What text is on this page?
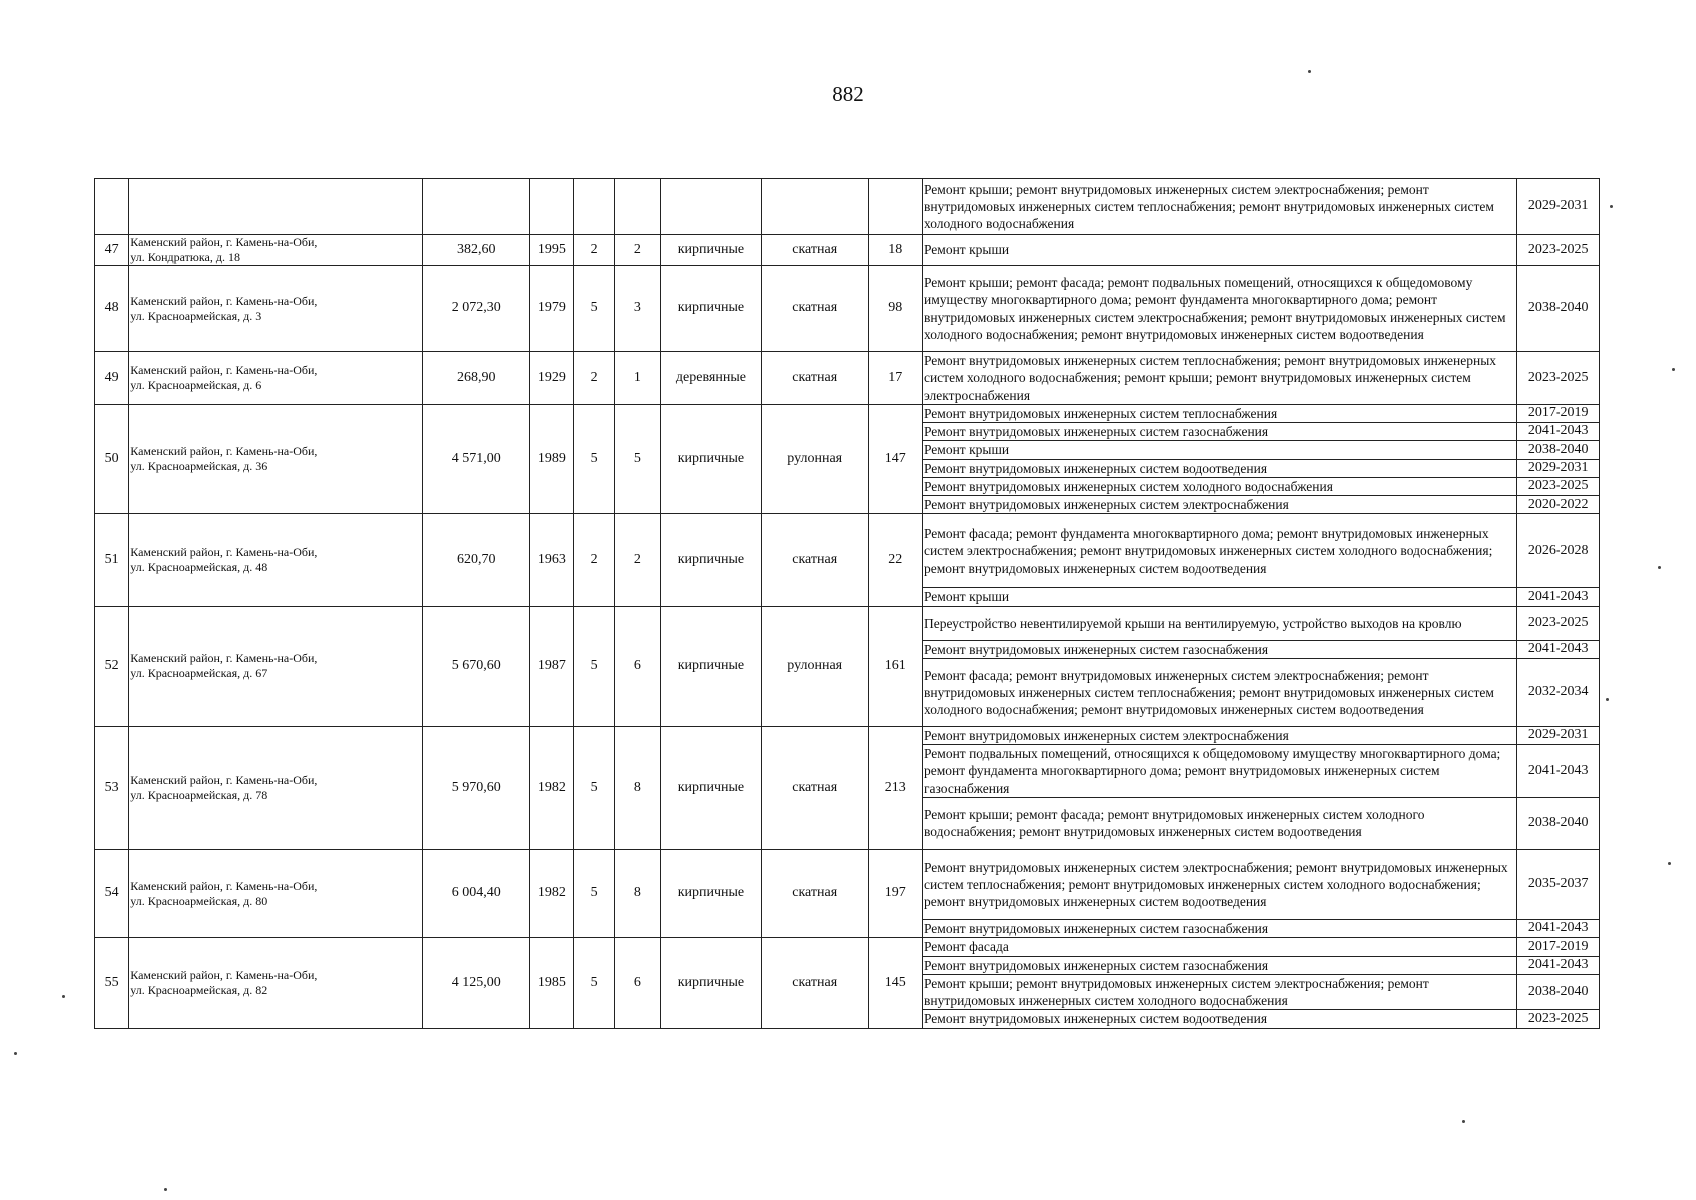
882
									Ремонт крыши; ремонт внутридомовых инженерных систем электроснабжения; ремонт внутридомовых инженерных систем теплоснабжения; ремонт внутридомовых инженерных систем холодного водоснабжения	2029-2031
47	Каменский район, г. Камень-на-Оби,
ул. Кондратюка, д. 18	382,60	1995	2	2	кирпичные	скатная	18	Ремонт крыши	2023-2025
48	Каменский район, г. Камень-на-Оби,
ул. Красноармейская, д. 3	2 072,30	1979	5	3	кирпичные	скатная	98	Ремонт крыши; ремонт фасада; ремонт подвальных помещений, относящихся к общедомовому имуществу многоквартирного дома; ремонт фундамента многоквартирного дома; ремонт внутридомовых инженерных систем электроснабжения; ремонт внутридомовых инженерных систем холодного водоснабжения; ремонт внутридомовых инженерных систем водоотведения	2038-2040
49	Каменский район, г. Камень-на-Оби,
ул. Красноармейская, д. 6	268,90	1929	2	1	деревянные	скатная	17	Ремонт внутридомовых инженерных систем теплоснабжения; ремонт внутридомовых инженерных систем холодного водоснабжения; ремонт крыши; ремонт внутридомовых инженерных систем электроснабжения	2023-2025
50	Каменский район, г. Камень-на-Оби,
ул. Красноармейская, д. 36	4 571,00	1989	5	5	кирпичные	рулонная	147	Ремонт внутридомовых инженерных систем теплоснабжения	2017-2019
									Ремонт внутридомовых инженерных систем газоснабжения	2041-2043
									Ремонт крыши	2038-2040
									Ремонт внутридомовых инженерных систем водоотведения	2029-2031
									Ремонт внутридомовых инженерных систем холодного водоснабжения	2023-2025
									Ремонт внутридомовых инженерных систем электроснабжения	2020-2022
51	Каменский район, г. Камень-на-Оби,
ул. Красноармейская, д. 48	620,70	1963	2	2	кирпичные	скатная	22	Ремонт фасада; ремонт фундамента многоквартирного дома; ремонт внутридомовых инженерных систем электроснабжения; ремонт внутридомовых инженерных систем холодного водоснабжения; ремонт внутридомовых инженерных систем водоотведения	2026-2028
									Ремонт крыши	2041-2043
52	Каменский район, г. Камень-на-Оби,
ул. Красноармейская, д. 67	5 670,60	1987	5	6	кирпичные	рулонная	161	Переустройство невентилируемой крыши на вентилируемую, устройство выходов на кровлю	2023-2025
									Ремонт внутридомовых инженерных систем газоснабжения	2041-2043
									Ремонт фасада; ремонт внутридомовых инженерных систем электроснабжения; ремонт внутридомовых инженерных систем теплоснабжения; ремонт внутридомовых инженерных систем холодного водоснабжения; ремонт внутридомовых инженерных систем водоотведения	2032-2034
53	Каменский район, г. Камень-на-Оби,
ул. Красноармейская, д. 78	5 970,60	1982	5	8	кирпичные	скатная	213	Ремонт внутридомовых инженерных систем электроснабжения	2029-2031
									Ремонт подвальных помещений, относящихся к общедомовому имуществу многоквартирного дома; ремонт фундамента многоквартирного дома; ремонт внутридомовых инженерных систем газоснабжения	2041-2043
									Ремонт крыши; ремонт фасада; ремонт внутридомовых инженерных систем холодного водоснабжения; ремонт внутридомовых инженерных систем водоотведения	2038-2040
54	Каменский район, г. Камень-на-Оби,
ул. Красноармейская, д. 80	6 004,40	1982	5	8	кирпичные	скатная	197	Ремонт внутридомовых инженерных систем электроснабжения; ремонт внутридомовых инженерных систем теплоснабжения; ремонт внутридомовых инженерных систем холодного водоснабжения; ремонт внутридомовых инженерных систем водоотведения	2035-2037
									Ремонт внутридомовых инженерных систем газоснабжения	2041-2043
55	Каменский район, г. Камень-на-Оби,
ул. Красноармейская, д. 82	4 125,00	1985	5	6	кирпичные	скатная	145	Ремонт фасада	2017-2019
									Ремонт внутридомовых инженерных систем газоснабжения	2041-2043
									Ремонт крыши; ремонт внутридомовых инженерных систем электроснабжения; ремонт внутридомовых инженерных систем холодного водоснабжения	2038-2040
									Ремонт внутридомовых инженерных систем водоотведения	2023-2025
